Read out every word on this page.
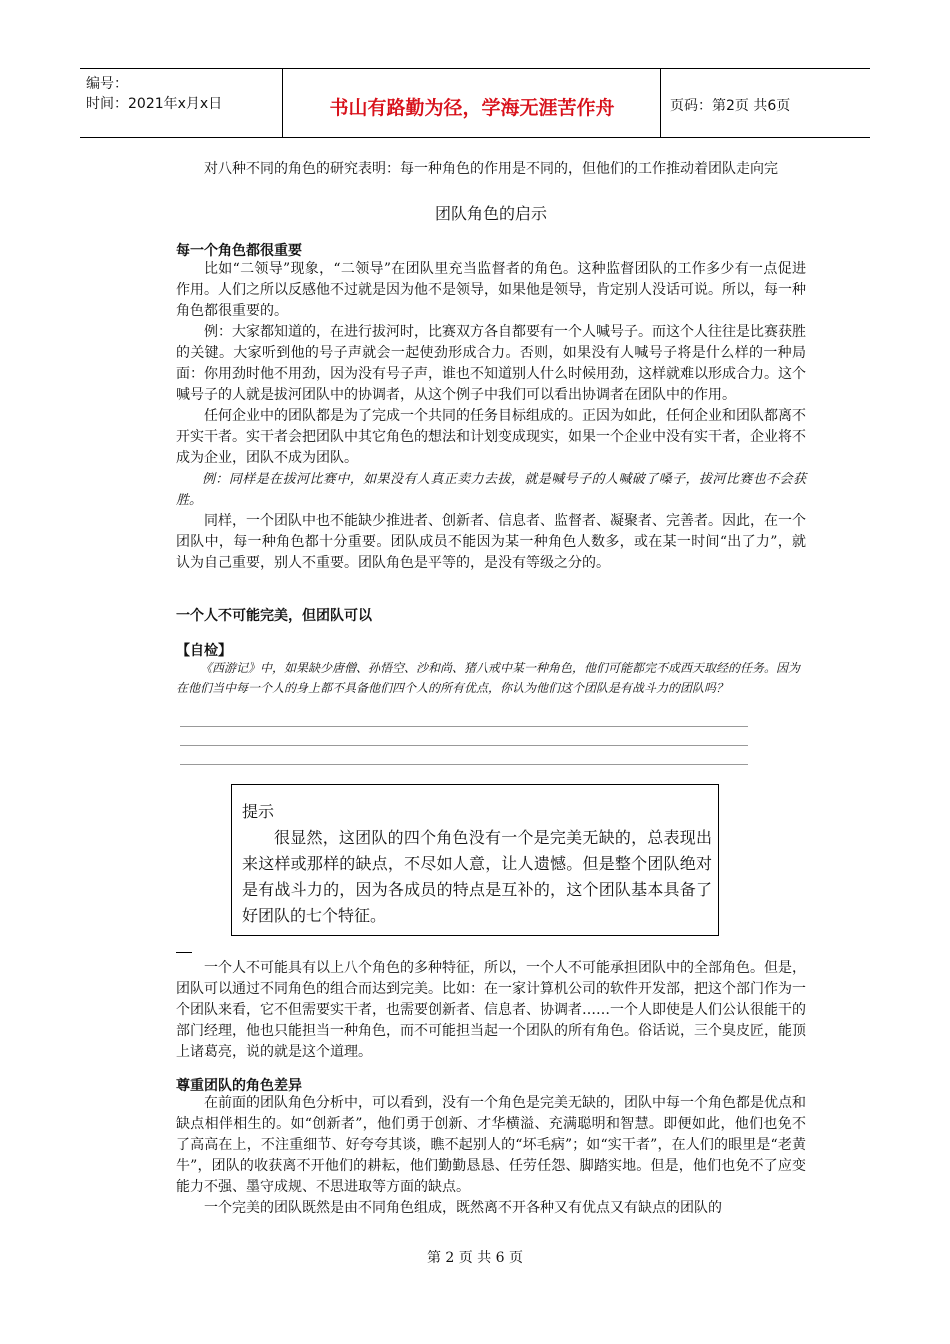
编号：
时间：2021年x月x日	书山有路勤为径，学海无涯苦作舟	页码：第2页 共6页

对八种不同的角色的研究表明：每一种角色的作用是不同的，但他们的工作推动着团队走向完

团队角色的启示
每一个角色都很重要

比如“二领导”现象，“二领导”在团队里充当监督者的角色。这种监督团队的工作多少有一点促进作用。人们之所以反感他不过就是因为他不是领导，如果他是领导，肯定别人没话可说。所以，每一种角色都很重要的。

例：大家都知道的，在进行拔河时，比赛双方各自都要有一个人喊号子。而这个人往往是比赛获胜的关键。大家听到他的号子声就会一起使劲形成合力。否则，如果没有人喊号子将是什么样的一种局面：你用劲时他不用劲，因为没有号子声，谁也不知道别人什么时候用劲，这样就难以形成合力。这个喊号子的人就是拔河团队中的协调者，从这个例子中我们可以看出协调者在团队中的作用。

任何企业中的团队都是为了完成一个共同的任务目标组成的。正因为如此，任何企业和团队都离不开实干者。实干者会把团队中其它角色的想法和计划变成现实，如果一个企业中没有实干者，企业将不成为企业，团队不成为团队。

例：同样是在拔河比赛中，如果没有人真正卖力去拔，就是喊号子的人喊破了嗓子，拔河比赛也不会获胜。

同样，一个团队中也不能缺少推进者、创新者、信息者、监督者、凝聚者、完善者。因此，在一个团队中，每一种角色都十分重要。团队成员不能因为某一种角色人数多，或在某一时间“出了力”，就认为自己重要，别人不重要。团队角色是平等的，是没有等级之分的。

一个人不可能完美，但团队可以
【自检】
《西游记》中，如果缺少唐僧、孙悟空、沙和尚、猪八戒中某一种角色，他们可能都完不成西天取经的任务。因为在他们当中每一个人的身上都不具备他们四个人的所有优点，你认为他们这个团队是有战斗力的团队吗？
提示
很显然，这团队的四个角色没有一个是完美无缺的，总表现出来这样或那样的缺点，不尽如人意，让人遗憾。但是整个团队绝对是有战斗力的，因为各成员的特点是互补的，这个团队基本具备了好团队的七个特征。

一个人不可能具有以上八个角色的多种特征，所以，一个人不可能承担团队中的全部角色。但是，团队可以通过不同角色的组合而达到完美。比如：在一家计算机公司的软件开发部，把这个部门作为一个团队来看，它不但需要实干者，也需要创新者、信息者、协调者……一个人即使是人们公认很能干的部门经理，他也只能担当一种角色，而不可能担当起一个团队的所有角色。俗话说，三个臭皮匠，能顶上诸葛亮，说的就是这个道理。

尊重团队的角色差异

在前面的团队角色分析中，可以看到，没有一个角色是完美无缺的，团队中每一个角色都是优点和缺点相伴相生的。如“创新者”，他们勇于创新、才华横溢、充满聪明和智慧。即便如此，他们也免不了高高在上，不注重细节、好夸夸其谈，瞧不起别人的“坏毛病”；如“实干者”，在人们的眼里是“老黄牛”，团队的收获离不开他们的耕耘，他们勤勤恳恳、任劳任怨、脚踏实地。但是，他们也免不了应变能力不强、墨守成规、不思进取等方面的缺点。

一个完美的团队既然是由不同角色组成，既然离不开各种又有优点又有缺点的团队的

第 2 页 共 6 页
